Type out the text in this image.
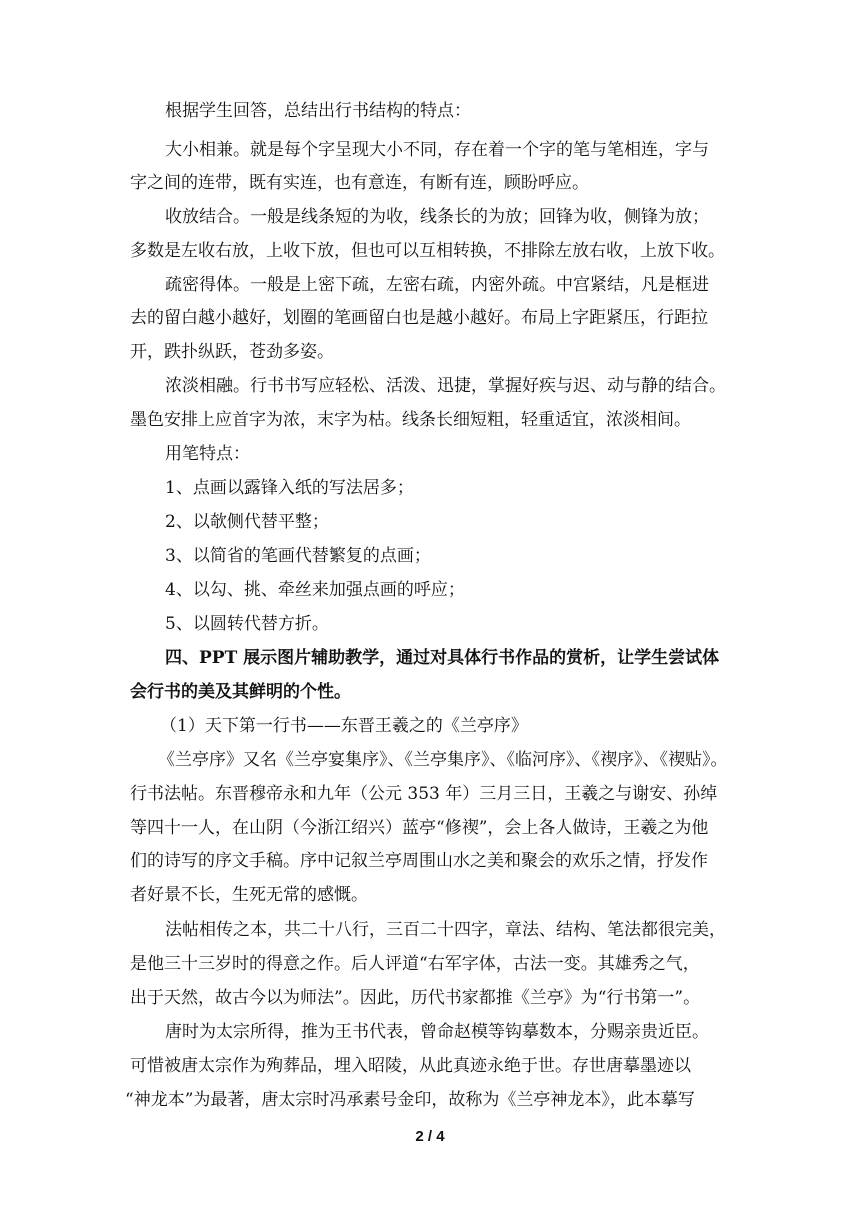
根据学生回答，总结出行书结构的特点：
大小相兼。就是每个字呈现大小不同，存在着一个字的笔与笔相连，字与
字之间的连带，既有实连，也有意连，有断有连，顾盼呼应。
收放结合。一般是线条短的为收，线条长的为放；回锋为收，侧锋为放；
多数是左收右放，上收下放，但也可以互相转换，不排除左放右收，上放下收。
疏密得体。一般是上密下疏，左密右疏，内密外疏。中宫紧结，凡是框进
去的留白越小越好，划圈的笔画留白也是越小越好。布局上字距紧压，行距拉
开，跌扑纵跃，苍劲多姿。
浓淡相融。行书书写应轻松、活泼、迅捷，掌握好疾与迟、动与静的结合。
墨色安排上应首字为浓，末字为枯。线条长细短粗，轻重适宜，浓淡相间。
用笔特点：
1、点画以露锋入纸的写法居多；
2、以欹侧代替平整；
3、以简省的笔画代替繁复的点画；
4、以勾、挑、牵丝来加强点画的呼应；
5、以圆转代替方折。
四、PPT 展示图片辅助教学，通过对具体行书作品的赏析，让学生尝试体
会行书的美及其鲜明的个性。
（1）天下第一行书——东晋王羲之的《兰亭序》
《兰亭序》又名《兰亭宴集序》、《兰亭集序》、《临河序》、《禊序》、《禊贴》。
行书法帖。东晋穆帝永和九年（公元 353 年）三月三日，王羲之与谢安、孙绰
等四十一人，在山阴（今浙江绍兴）蓝亭“修禊”，会上各人做诗，王羲之为他
们的诗写的序文手稿。序中记叙兰亭周围山水之美和聚会的欢乐之情，抒发作
者好景不长，生死无常的感慨。
法帖相传之本，共二十八行，三百二十四字，章法、结构、笔法都很完美，
是他三十三岁时的得意之作。后人评道“右军字体，古法一变。其雄秀之气，
出于天然，故古今以为师法”。因此，历代书家都推《兰亭》为“行书第一”。
唐时为太宗所得，推为王书代表，曾命赵模等钩摹数本，分赐亲贵近臣。
可惜被唐太宗作为殉葬品，埋入昭陵，从此真迹永绝于世。存世唐摹墨迹以
“神龙本”为最著，唐太宗时冯承素号金印，故称为《兰亭神龙本》，此本摹写
2 / 4
